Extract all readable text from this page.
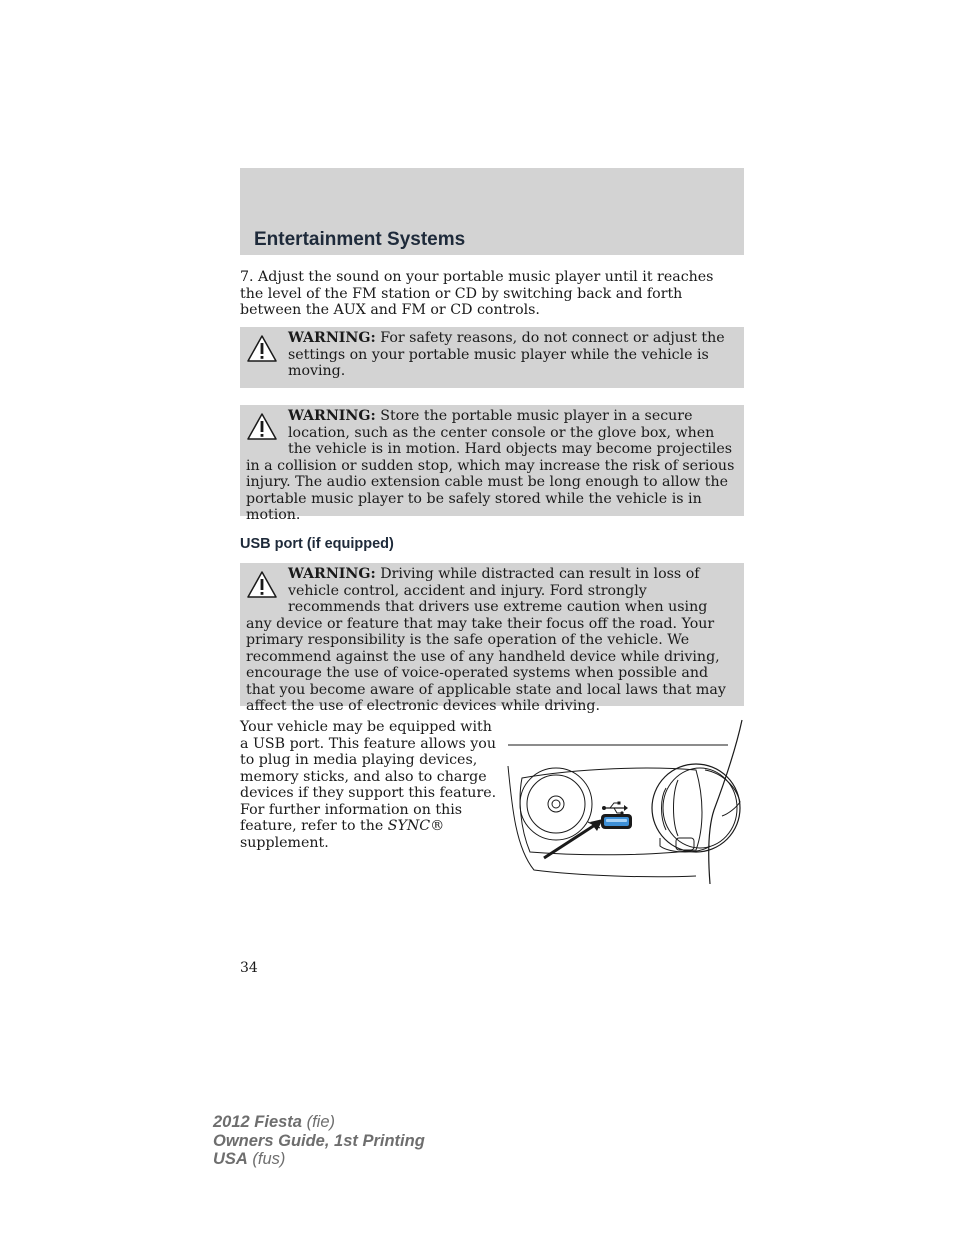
Entertainment Systems

7. Adjust the sound on your portable music player until it reaches the level of the FM station or CD by switching back and forth between the AUX and FM or CD controls.

WARNING: For safety reasons, do not connect or adjust the settings on your portable music player while the vehicle is moving.
WARNING: Store the portable music player in a secure location, such as the center console or the glove box, when the vehicle is in motion. Hard objects may become projectiles in a collision or sudden stop, which may increase the risk of serious injury. The audio extension cable must be long enough to allow the portable music player to be safely stored while the vehicle is in motion.
USB port (if equipped)
WARNING: Driving while distracted can result in loss of vehicle control, accident and injury. Ford strongly recommends that drivers use extreme caution when using any device or feature that may take their focus off the road. Your primary responsibility is the safe operation of the vehicle. We recommend against the use of any handheld device while driving, encourage the use of voice-operated systems when possible and that you become aware of applicable state and local laws that may affect the use of electronic devices while driving.
Your vehicle may be equipped with a USB port. This feature allows you to plug in media playing devices, memory sticks, and also to charge devices if they support this feature. For further information on this feature, refer to the SYNC® supplement.
34
2012 Fiesta (fie)
Owners Guide, 1st Printing
USA (fus)
